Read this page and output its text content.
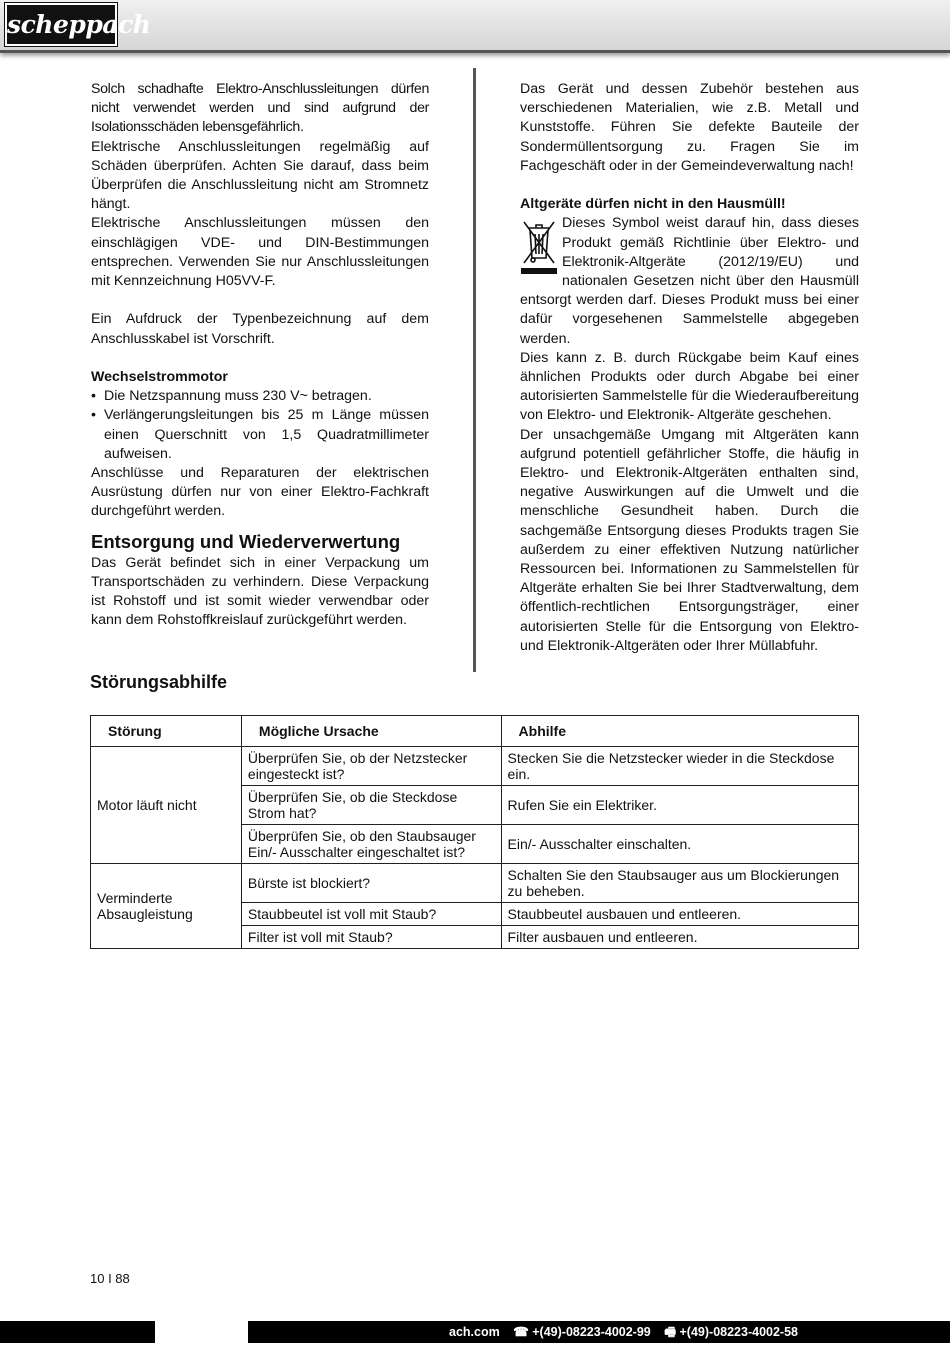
scheppach

Solch schadhafte Elektro-Anschlussleitungen dürfen nicht verwendet werden und sind aufgrund der Isolationsschäden lebensgefährlich.

Elektrische Anschlussleitungen regelmäßig auf Schäden überprüfen. Achten Sie darauf, dass beim Überprüfen die Anschlussleitung nicht am Stromnetz hängt.

Elektrische Anschlussleitungen müssen den einschlägigen VDE- und DIN-Bestimmungen entsprechen. Verwenden Sie nur Anschlussleitungen mit Kennzeichnung H05VV-F.

Ein Aufdruck der Typenbezeichnung auf dem Anschlusskabel ist Vorschrift.

Wechselstrommotor

• Die Netzspannung muss 230 V~ betragen.
• Verlängerungsleitungen bis 25 m Länge müssen einen Querschnitt von 1,5 Quadratmillimeter aufweisen.

Anschlüsse und Reparaturen der elektrischen Ausrüstung dürfen nur von einer Elektro-Fachkraft durchgeführt werden.

Entsorgung und Wiederverwertung

Das Gerät befindet sich in einer Verpackung um Transportschäden zu verhindern. Diese Verpackung ist Rohstoff und ist somit wieder verwendbar oder kann dem Rohstoffkreislauf zurückgeführt werden.

Das Gerät und dessen Zubehör bestehen aus verschiedenen Materialien, wie z.B. Metall und Kunststoffe. Führen Sie defekte Bauteile der Sondermüllentsorgung zu. Fragen Sie im Fachgeschäft oder in der Gemeindeverwaltung nach!

Altgeräte dürfen nicht in den Hausmüll!

Dieses Symbol weist darauf hin, dass dieses Produkt gemäß Richtlinie über Elektro- und Elektronik-Altgeräte (2012/19/EU) und nationalen Gesetzen nicht über den Hausmüll entsorgt werden darf. Dieses Produkt muss bei einer dafür vorgesehenen Sammelstelle abgegeben werden.

Dies kann z. B. durch Rückgabe beim Kauf eines ähnlichen Produkts oder durch Abgabe bei einer autorisierten Sammelstelle für die Wiederaufbereitung von Elektro- und Elektronik- Altgeräte geschehen.

Der unsachgemäße Umgang mit Altgeräten kann aufgrund potentiell gefährlicher Stoffe, die häufig in Elektro- und Elektronik-Altgeräten enthalten sind, negative Auswirkungen auf die Umwelt und die menschliche Gesundheit haben. Durch die sachgemäße Entsorgung dieses Produkts tragen Sie außerdem zu einer effektiven Nutzung natürlicher Ressourcen bei. Informationen zu Sammelstellen für Altgeräte erhalten Sie bei Ihrer Stadtverwaltung, dem öffentlich-rechtlichen Entsorgungsträger, einer autorisierten Stelle für die Entsorgung von Elektro- und Elektronik-Altgeräten oder Ihrer Müllabfuhr.

Störungsabhilfe
Störung	Mögliche Ursache	Abhilfe
Motor läuft nicht	Überprüfen Sie, ob der Netzstecker eingesteckt ist?	Stecken Sie die Netzstecker wieder in die Steckdose ein.
	Überprüfen Sie, ob die Steckdose Strom hat?	Rufen Sie ein Elektriker.
	Überprüfen Sie, ob den Staubsauger Ein/- Ausschalter eingeschaltet ist?	Ein/- Ausschalter einschalten.
Verminderte Absaugleistung	Bürste ist blockiert?	Schalten Sie den Staubsauger aus um Blockierungen zu beheben.
	Staubbeutel ist voll mit Staub?	Staubbeutel ausbauen und entleeren.
	Filter ist voll mit Staub?	Filter ausbauen und entleeren.
10 I 88
ach.com ☎ +(49)-08223-4002-99 🖷 +(49)-08223-4002-58
